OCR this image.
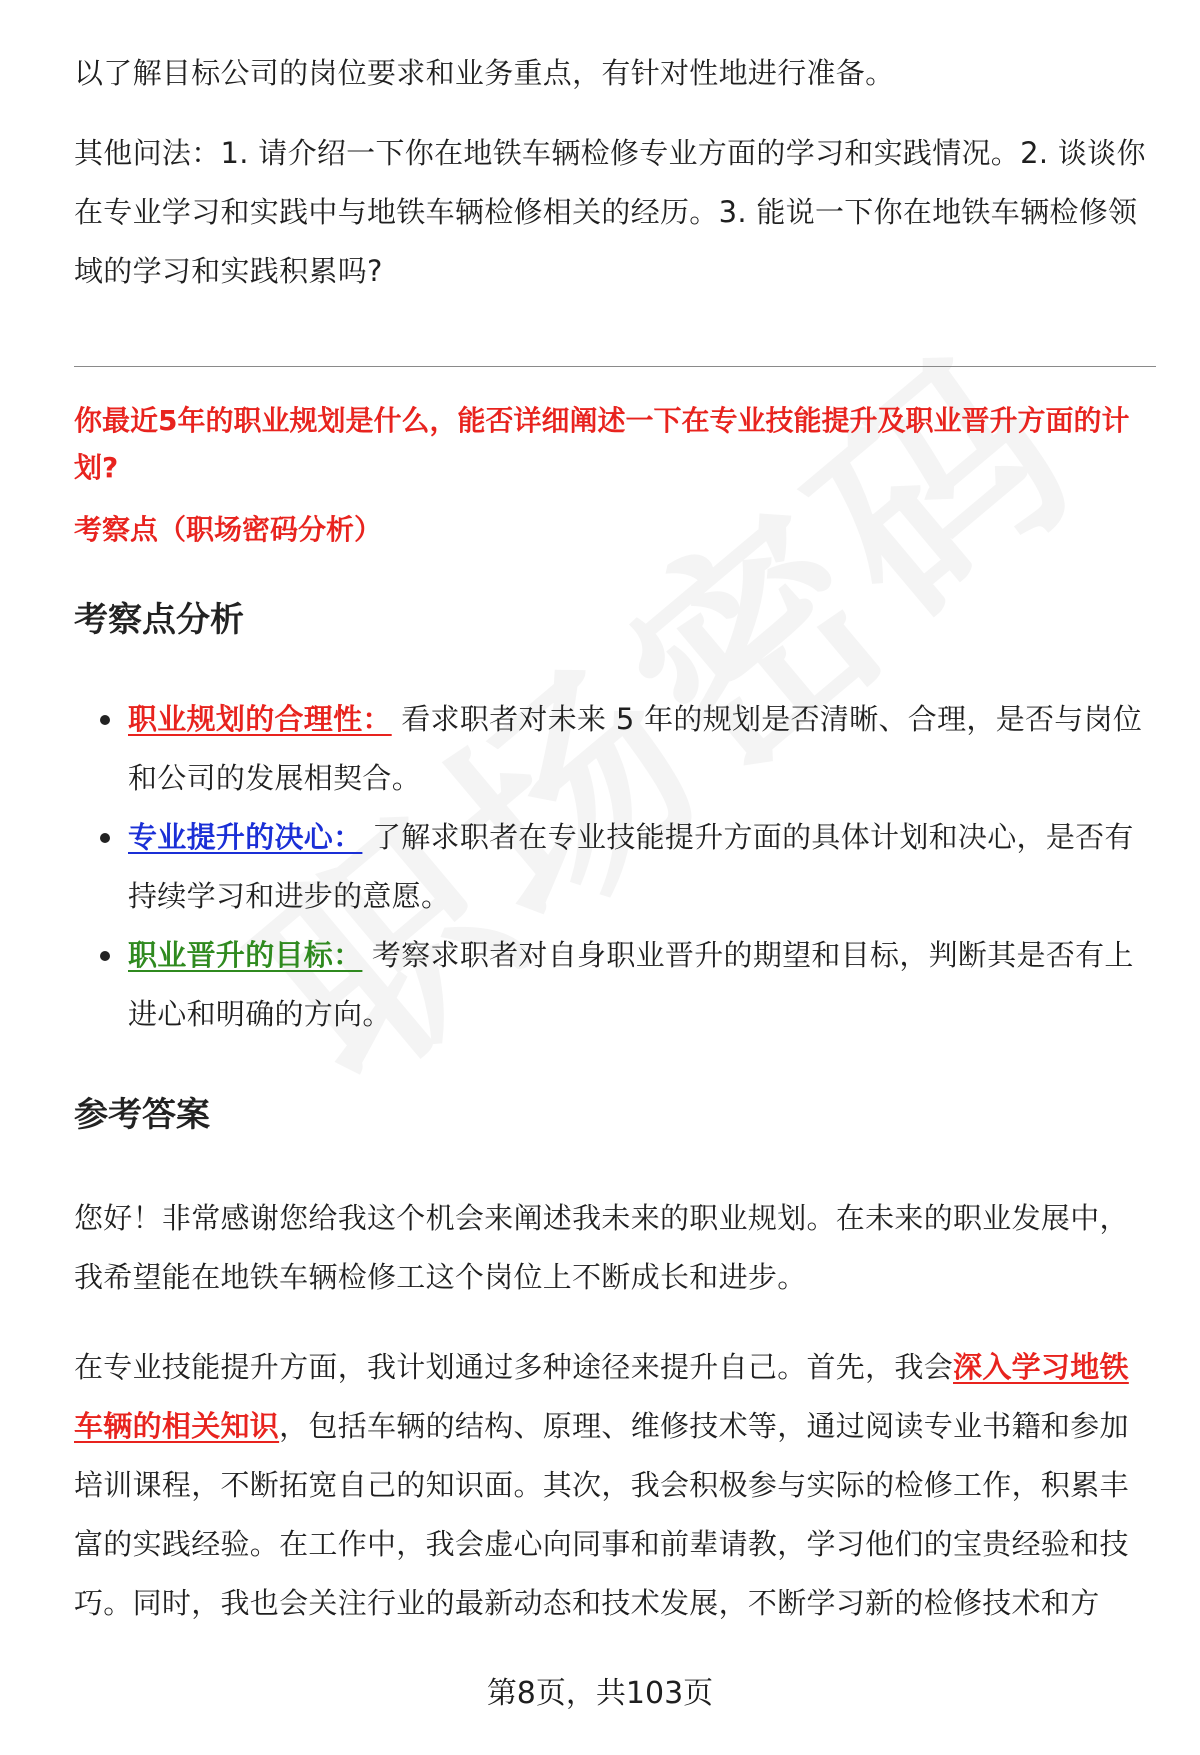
以了解目标公司的岗位要求和业务重点，有针对性地进行准备。

其他问法：1. 请介绍一下你在地铁车辆检修专业方面的学习和实践情况。2. 谈谈你在专业学习和实践中与地铁车辆检修相关的经历。3. 能说一下你在地铁车辆检修领域的学习和实践积累吗?

你最近5年的职业规划是什么，能否详细阐述一下在专业技能提升及职业晋升方面的计划?

考察点（职场密码分析）

考察点分析
职业规划的合理性： 看求职者对未来 5 年的规划是否清晰、合理，是否与岗位和公司的发展相契合。
专业提升的决心： 了解求职者在专业技能提升方面的具体计划和决心，是否有持续学习和进步的意愿。
职业晋升的目标： 考察求职者对自身职业晋升的期望和目标，判断其是否有上进心和明确的方向。
参考答案

您好！非常感谢您给我这个机会来阐述我未来的职业规划。在未来的职业发展中，我希望能在地铁车辆检修工这个岗位上不断成长和进步。

在专业技能提升方面，我计划通过多种途径来提升自己。首先，我会深入学习地铁车辆的相关知识，包括车辆的结构、原理、维修技术等，通过阅读专业书籍和参加培训课程，不断拓宽自己的知识面。其次，我会积极参与实际的检修工作，积累丰富的实践经验。在工作中，我会虚心向同事和前辈请教，学习他们的宝贵经验和技巧。同时，我也会关注行业的最新动态和技术发展，不断学习新的检修技术和方

第8页，共103页
